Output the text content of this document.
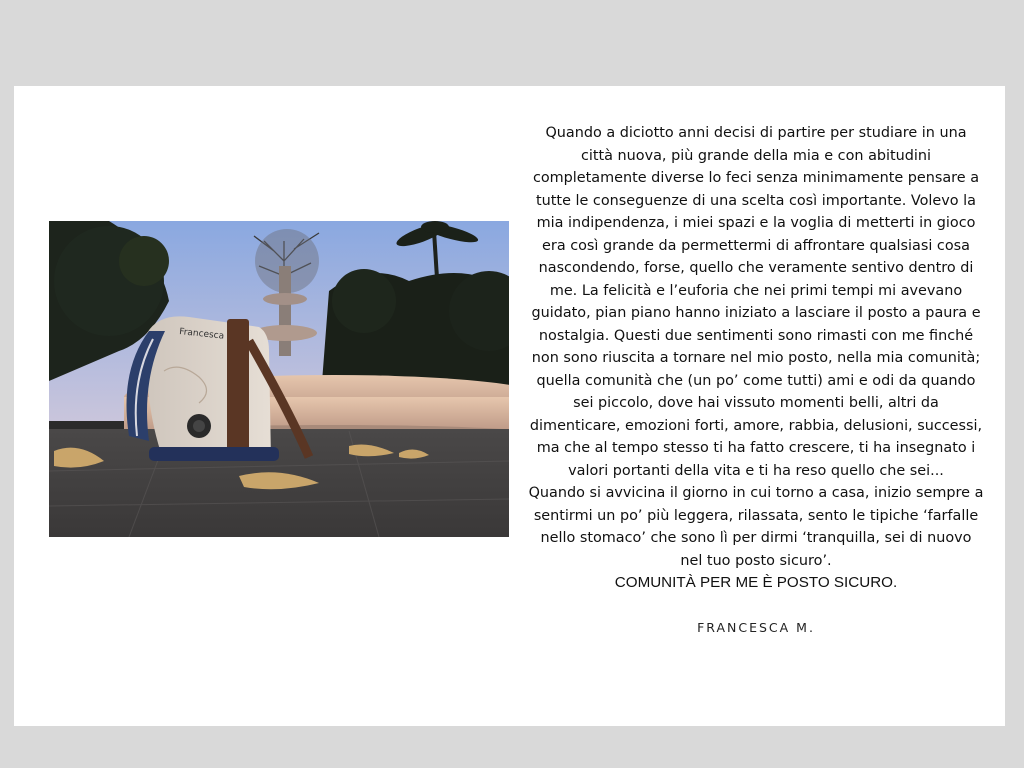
Francesca

Quando a diciotto anni decisi di partire per studiare in una città nuova, più grande della mia e con abitudini completamente diverse lo feci senza minimamente pensare a tutte le conseguenze di una scelta così importante. Volevo la mia indipendenza, i miei spazi e la voglia di metterti in gioco era così grande da permettermi di affrontare qualsiasi cosa nascondendo, forse, quello che veramente sentivo dentro di me. La felicità e l’euforia che nei primi tempi mi avevano guidato, pian piano hanno iniziato a lasciare il posto a paura e nostalgia. Questi due sentimenti sono rimasti con me finché non sono riuscita a tornare nel mio posto, nella mia comunità; quella comunità che (un po’ come tutti) ami e odi da quando sei piccolo, dove hai vissuto momenti belli, altri da dimenticare, emozioni forti, amore, rabbia, delusioni, successi, ma che al tempo stesso ti ha fatto crescere, ti ha insegnato i valori portanti della vita e ti ha reso quello che sei...

Quando si avvicina il giorno in cui torno a casa, inizio sempre a sentirmi un po’ più leggera, rilassata, sento le tipiche ‘farfalle nello stomaco’ che sono lì per dirmi ‘tranquilla, sei di nuovo nel tuo posto sicuro’.

COMUNITÀ PER ME È POSTO SICURO.

FRANCESCA M.
